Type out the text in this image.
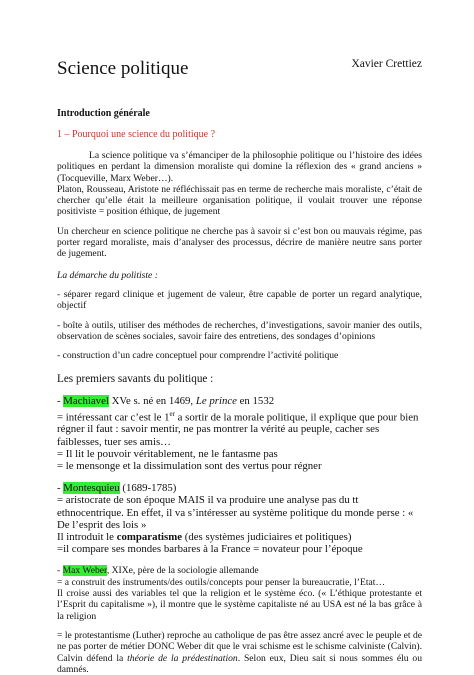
Science politique	Xavier Crettiez
Introduction générale
1 – Pourquoi une science du politique ?

La science politique va s’émanciper de la philosophie politique ou l’histoire des idées politiques en perdant la dimension moraliste qui domine la réflexion des « grand anciens » (Tocqueville, Marx Weber…).

Platon, Rousseau, Aristote ne réfléchissait pas en terme de recherche mais moraliste, c’était de chercher qu’elle était la meilleure organisation politique, il voulait trouver une réponse positiviste = position éthique, de jugement

Un chercheur en science politique ne cherche pas à savoir si c’est bon ou mauvais régime, pas porter regard moraliste, mais d’analyser des processus, décrire de manière neutre sans porter de jugement.

La démarche du politiste :

- séparer regard clinique et jugement de valeur, être capable de porter un regard analytique, objectif

- boîte à outils, utiliser des méthodes de recherches, d’investigations, savoir manier des outils, observation de scènes sociales, savoir faire des entretiens, des sondages d’opinions

- construction d’un cadre conceptuel pour comprendre l’activité politique

Les premiers savants du politique :
- Machiavel XVe s. né en 1469, Le prince en 1532
= intéressant car c’est le 1er a sortir de la morale politique, il explique que pour bien régner il faut : savoir mentir, ne pas montrer la vérité au peuple, cacher ses faiblesses, tuer ses amis…
= Il lit le pouvoir véritablement, ne le fantasme pas
= le mensonge et la dissimulation sont des vertus pour régner
- Montesquieu (1689-1785)
= aristocrate de son époque MAIS il va produire une analyse pas du tt ethnocentrique. En effet, il va s’intéresser au système politique du monde perse : « De l’esprit des lois »
Il introduit le comparatisme (des systèmes judiciaires et politiques)
=il compare ses mondes barbares à la France = novateur pour l’époque
- Max Weber, XIXe, père de la sociologie allemande
= a construit des instruments/des outils/concepts pour penser la bureaucratie, l’Etat…
Il croise aussi des variables tel que la religion et le système éco. (« L’éthique protestante et l’Esprit du capitalisme »), il montre que le système capitaliste né au USA est né la bas grâce à la religion
= le protestantisme (Luther) reproche au catholique de pas être assez ancré avec le peuple et de ne pas porter de métier DONC Weber dit que le vrai schisme est le schisme calviniste (Calvin). Calvin défend la théorie de la prédestination. Selon eux, Dieu sait si nous sommes élu ou damnés.
